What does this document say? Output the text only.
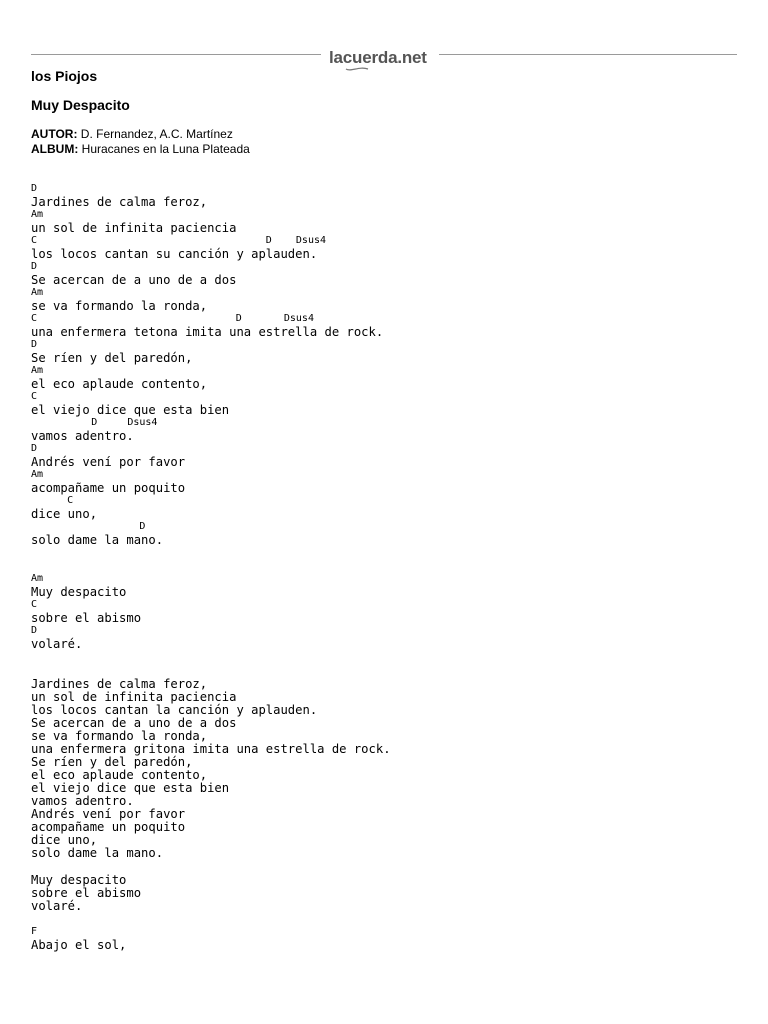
lacuerda.net
los Piojos
Muy Despacito
AUTOR: D. Fernandez, A.C. Martínez
ALBUM: Huracanes en la Luna Plateada
D
Jardines de calma feroz,
Am
un sol de infinita paciencia
C                                      D    Dsus4
los locos cantan su canción y aplauden.
D
Se acercan de a uno de a dos
Am
se va formando la ronda,
C                                 D       Dsus4
una enfermera tetona imita una estrella de rock.
D
Se ríen y del paredón,
Am
el eco aplaude contento,
C
el viejo dice que esta bien
D     Dsus4
vamos adentro.
D
Andrés vení por favor
Am
acompañame un poquito
C
dice uno,
D
solo dame la mano.
Am
Muy despacito
C
sobre el abismo
D
volaré.
Jardines de calma feroz,
un sol de infinita paciencia
los locos cantan la canción y aplauden.
Se acercan de a uno de a dos
se va formando la ronda,
una enfermera gritona imita una estrella de rock.
Se ríen y del paredón,
el eco aplaude contento,
el viejo dice que esta bien
vamos adentro.
Andrés vení por favor
acompañame un poquito
dice uno,
solo dame la mano.
Muy despacito
sobre el abismo
volaré.
F
Abajo el sol,
